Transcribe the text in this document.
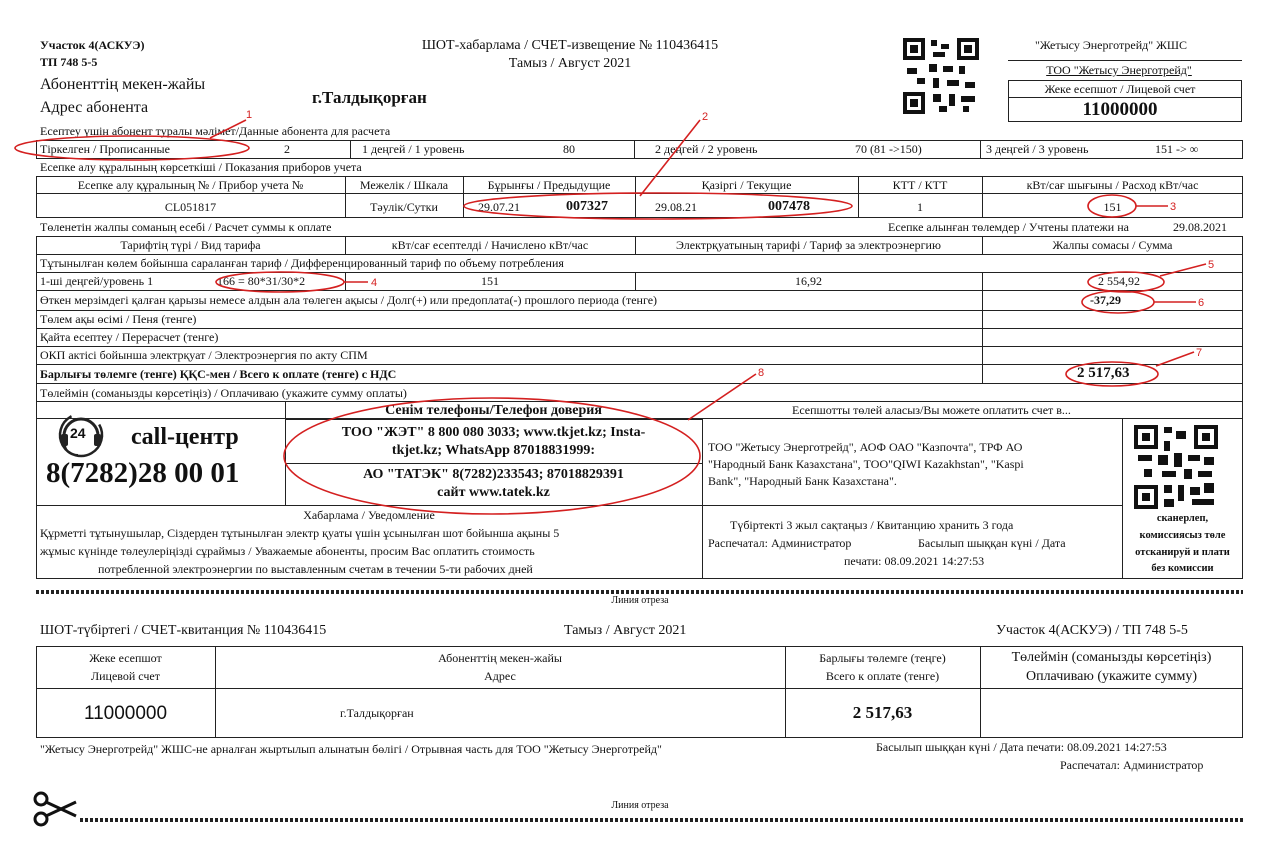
Участок 4(АСКУЭ)
ТП 748 5-5
Абоненттің мекен-жайы
Адрес абонента
г.Талдықорған
ШОТ-хабарлама / СЧЕТ-извещение № 110436415
Тамыз / Август 2021
"Жетысу Энерготрейд" ЖШС
ТОО "Жетысу Энерготрейд"
Жеке есепшот / Лицевой счет
11000000
Есептеу үшін абонент туралы мәлімет/Данные абонента для расчета
Тіркелген / Прописанные	2	1 деңгей / 1 уровень	80	2 деңгей / 2 уровень	70 (81 ->150)	3 деңгей / 3 уровень	151 -> ∞
Есепке алу құралының көрсеткіші / Показания приборов учета
Есепке алу құралының № / Прибор учета №	Межелік / Шкала	Бұрынғы / Предыдущие	Қазіргі / Текущие	КТТ / КТТ	кВт/сағ шығыны / Расход кВт/час
СL051817	Тәулік/Сутки	29.07.21	007327	29.08.21	007478	1	151
Төленетін жалпы соманың есебі / Расчет суммы к оплате	Есепке алынған төлемдер / Учтены платежи на	29.08.2021
Тарифтің түрі / Вид тарифа	кВт/сағ есептелді / Начислено кВт/час	Электрқуатының тарифі / Тариф за электроэнергию	Жалпы сомасы / Сумма
Тұтынылған көлем бойынша сараланған тариф / Дифференцированный тариф по объему потребления
1-ші деңгей/уровень 1	166 = 80*31/30*2	151	16,92	2 554,92
Өткен мерзімдегі қалған қарызы немесе алдын ала төлеген ақысы / Долг(+) или предоплата(-) прошлого периода (тенге)	-37,29
Төлем ақы өсімі / Пеня (тенге)
Қайта есептеу / Перерасчет (тенге)
ОКП актісі бойынша электрқуат / Электроэнергия по акту СПМ
Барлығы төлемге (тенге) ҚҚС-мен / Всего к оплате (тенге) с НДС	2 517,63
Төлеймін (соманызды көрсетіңіз) / Оплачиваю (укажите сумму оплаты)
24 call-центр
8(7282)28 00 01
Сенім телефоны/Телефон доверия
ТОО "ЖЭТ" 8 800 080 3033; www.tkjet.kz; Insta-
tkjet.kz; WhatsApp 87018831999:
АО "ТАТЭК" 8(7282)233543; 87018829391
сайт www.tatek.kz
Есепшотты төлей аласыз/Вы можете оплатить счет в...
ТОО "Жетысу Энерготрейд", АОФ ОАО "Казпочта", ТРФ АО
"Народный Банк Казахстана", ТОО"QIWI Kazakhstan", "Kaspi
Bank", "Народный Банк Казахстана".
Хабарлама / Уведомление
Құрметті тұтынушылар, Сіздерден тұтынылған электр қуаты үшін ұсынылған шот бойынша ақыны 5
жұмыс күнінде төлеулеріңізді сұраймыз / Уважаемые абоненты, просим Вас оплатить стоимость
потребленной электроэнергии по выставленным счетам в течении 5-ти рабочих дней
Түбіртекті 3 жыл сақтаңыз / Квитанцию хранить 3 года
Распечатал: Администратор	Басылып шыққан күні / Дата
печати: 08.09.2021 14:27:53
сканерлеп,
комиссиясыз төле
отсканируй и плати
без комиссии
Линия отреза
ШОТ-түбіртегі / СЧЕТ-квитанция № 110436415	Тамыз / Август 2021	Участок 4(АСКУЭ) / ТП 748 5-5
Жеке есепшот
Лицевой счет
Абоненттің мекен-жайы
Адрес
Барлығы төлемге (теңге)
Всего к оплате (тенге)
Төлеймін (соманызды көрсетіңіз)
Оплачиваю (укажите сумму)
11000000	г.Талдықорған	2 517,63
"Жетысу Энерготрейд" ЖШС-не арналған жыртылып алынатын бөлігі / Отрывная часть для ТОО "Жетысу Энерготрейд"	Басылып шыққан күні / Дата печати: 08.09.2021 14:27:53
Распечатал: Администратор
Линия отреза
1	2
3
4
5
6
7
8
